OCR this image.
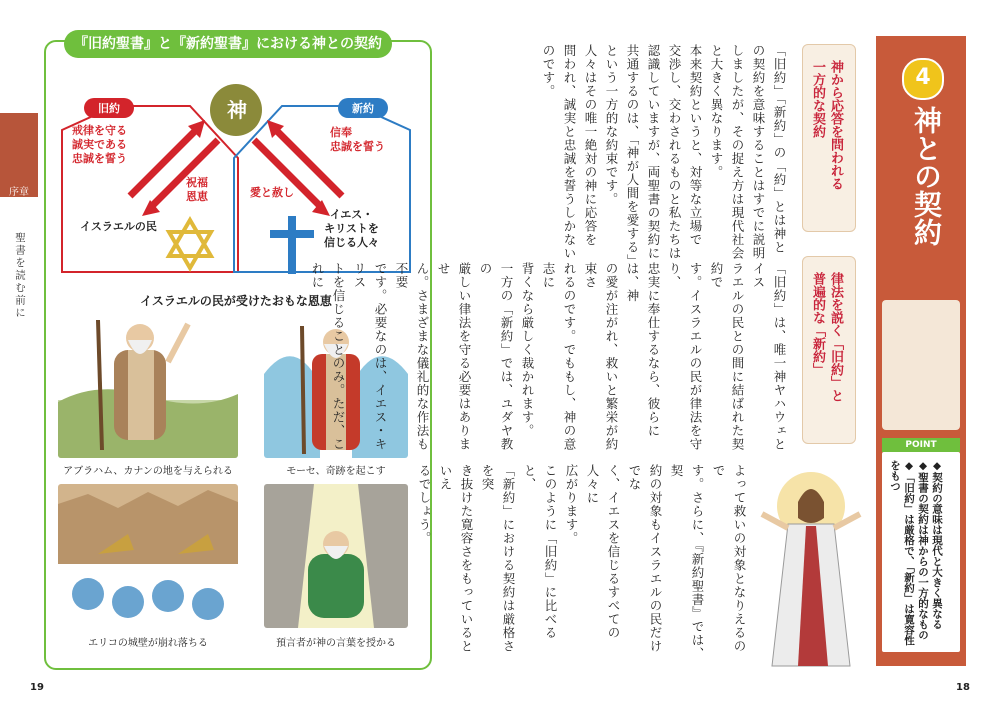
序章
聖書を読む前に
『旧約聖書』と『新約聖書』における神との契約
神
旧約	新約
戒律を守る
誠実である
忠誠を誓う
信奉
忠誠を誓う
祝福
恩恵	愛と赦し
イスラエルの民
イエス・
キリストを
信じる人々
イスラエルの民が受けたおもな恩恵
アブラハム、カナンの地を与えられる	モーセ、奇跡を起こす
エリコの城壁が崩れ落ちる	預言者が神の言葉を授かる
19
4
神との契約
POINT
◆契約の意味は現代と大きく異なる
◆聖書の契約は神からの一方的なもの
◆「旧約」は厳格で、「新約」は寛容性をもつ
神から応答を問われる
一方的な契約
律法を説く「旧約」と
普遍的な「新約」
「旧約」「新約」の「約」とは神と
の契約を意味することはすでに説明
しましたが、その捉え方は現代社会
と大きく異なります。
本来契約というと、対等な立場で
交渉し、交わされるものと私たちは
認識していますが、両聖書の契約に
共通するのは、「神が人間を愛する」
という一方的な約束です。
人々はその唯一絶対の神に応答を
問われ、誠実と忠誠を誓うしかない
のです。
「旧約」は、唯一神ヤハウェとイス
ラエルの民との間に結ばれた契約で
す。イスラエルの民が律法を守り、
忠実に奉仕するなら、彼らには、神
の愛が注がれ、救いと繁栄が約束さ
れるのです。でももし、神の意志に
背くなら厳しく裁かれます。
一方の「新約」では、ユダヤ教の
厳しい律法を守る必要はありませ
ん。さまざまな儀礼的な作法も不要
です。必要なのは、イエス・キリス
トを信じることのみ。ただ、これに
よって救いの対象となりえるので
す。さらに、『新約聖書』では、契
約の対象もイスラエルの民だけでな
く、イエスを信じるすべての人々に
広がります。
このように「旧約」に比べると、
「新約」における契約は厳格さを突
き抜けた寛容さをもっているといえ
るでしょう。
18
